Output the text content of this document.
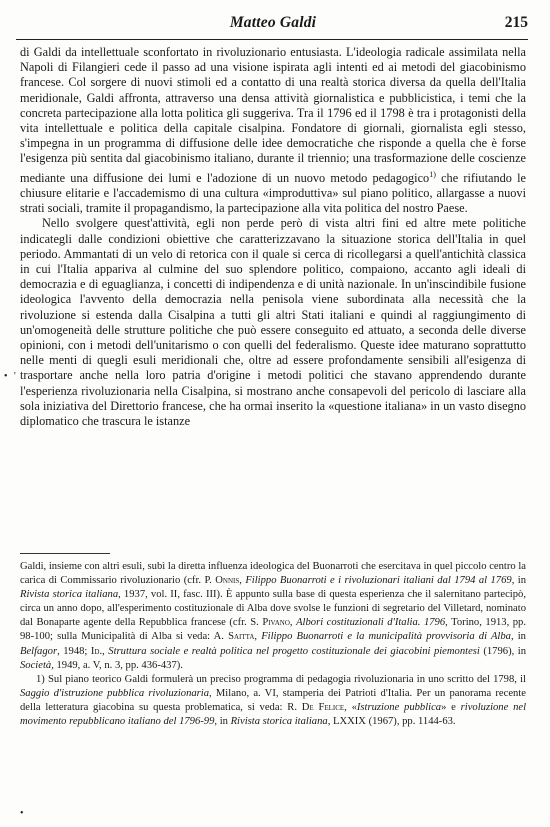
Matteo Galdi	215

di Galdi da intellettuale sconfortato in rivoluzionario entusiasta. L'ideologia radicale assimilata nella Napoli di Filangieri cede il passo ad una visione ispirata agli intenti ed ai metodi del giacobinismo francese. Col sorgere di nuovi stimoli ed a contatto di una realtà storica diversa da quella dell'Italia meridionale, Galdi affronta, attraverso una densa attività giornalistica e pubblicistica, i temi che la concreta partecipazione alla lotta politica gli suggeriva. Tra il 1796 ed il 1798 è tra i protagonisti della vita intellettuale e politica della capitale cisalpina. Fondatore di giornali, giornalista egli stesso, s'impegna in un programma di diffusione delle idee democratiche che risponde a quella che è forse l'esigenza più sentita dal giacobinismo italiano, durante il triennio; una trasformazione delle coscienze mediante una diffusione dei lumi e l'adozione di un nuovo metodo pedagogico$^{1)}$ che rifiutando le chiusure elitarie e l'accademismo di una cultura «improduttiva» sul piano politico, allargasse a nuovi strati sociali, tramite il propagandismo, la partecipazione alla vita politica del nostro Paese.

Nello svolgere quest'attività, egli non perde però di vista altri fini ed altre mete politiche indicategli dalle condizioni obiettive che caratterizzavano la situazione storica dell'Italia in quel periodo. Ammantati di un velo di retorica con il quale si cerca di ricollegarsi a quell'antichità classica in cui l'Italia appariva al culmine del suo splendore politico, compaiono, accanto agli ideali di democrazia e di eguaglianza, i concetti di indipendenza e di unità nazionale. In un'inscindibile fusione ideologica l'avvento della democrazia nella penisola viene subordinata alla necessità che la rivoluzione si estenda dalla Cisalpina a tutti gli altri Stati italiani e quindi al raggiungimento di un'omogeneità delle strutture politiche che può essere conseguito ed attuato, a seconda delle diverse opinioni, con i metodi dell'unitarismo o con quelli del federalismo. Queste idee maturano soprattutto nelle menti di quegli esuli meridionali che, oltre ad essere profondamente sensibili all'esigenza di trasportare anche nella loro patria d'origine i metodi politici che stavano apprendendo durante l'esperienza rivoluzionaria nella Cisalpina, si mostrano anche consapevoli del pericolo di lasciare alla sola iniziativa del Direttorio francese, che ha ormai inserito la «questione italiana» in un vasto disegno diplomatico che trascura le istanze

• '

Galdi, insieme con altri esuli, subì la diretta influenza ideologica del Buonarroti che esercitava in quel piccolo centro la carica di Commissario rivoluzionario (cfr. P. Onnis, Filippo Buonarroti e i rivoluzionari italiani dal 1794 al 1769, in Rivista storica italiana, 1937, vol. II, fasc. III). È appunto sulla base di questa esperienza che il salernitano partecipò, circa un anno dopo, all'esperimento costituzionale di Alba dove svolse le funzioni di segretario del Villetard, nominato dal Bonaparte agente della Repubblica francese (cfr. S. Pivano, Albori costituzionali d'Italia. 1796, Torino, 1913, pp. 98-100; sulla Municipalità di Alba si veda: A. Saitta, Filippo Buonarroti e la municipalità provvisoria di Alba, in Belfagor, 1948; Id., Struttura sociale e realtà politica nel progetto costituzionale dei giacobini piemontesi (1796), in Società, 1949, a. V, n. 3, pp. 436-437).

1) Sul piano teorico Galdi formulerà un preciso programma di pedagogia rivoluzionaria in uno scritto del 1798, il Saggio d'istruzione pubblica rivoluzionaria, Milano, a. VI, stamperia dei Patrioti d'Italia. Per un panorama recente della letteratura giacobina su questa problematica, si veda: R. De Felice, «Istruzione pubblica» e rivoluzione nel movimento repubblicano italiano del 1796-99, in Rivista storica italiana, LXXIX (1967), pp. 1144-63.

•
